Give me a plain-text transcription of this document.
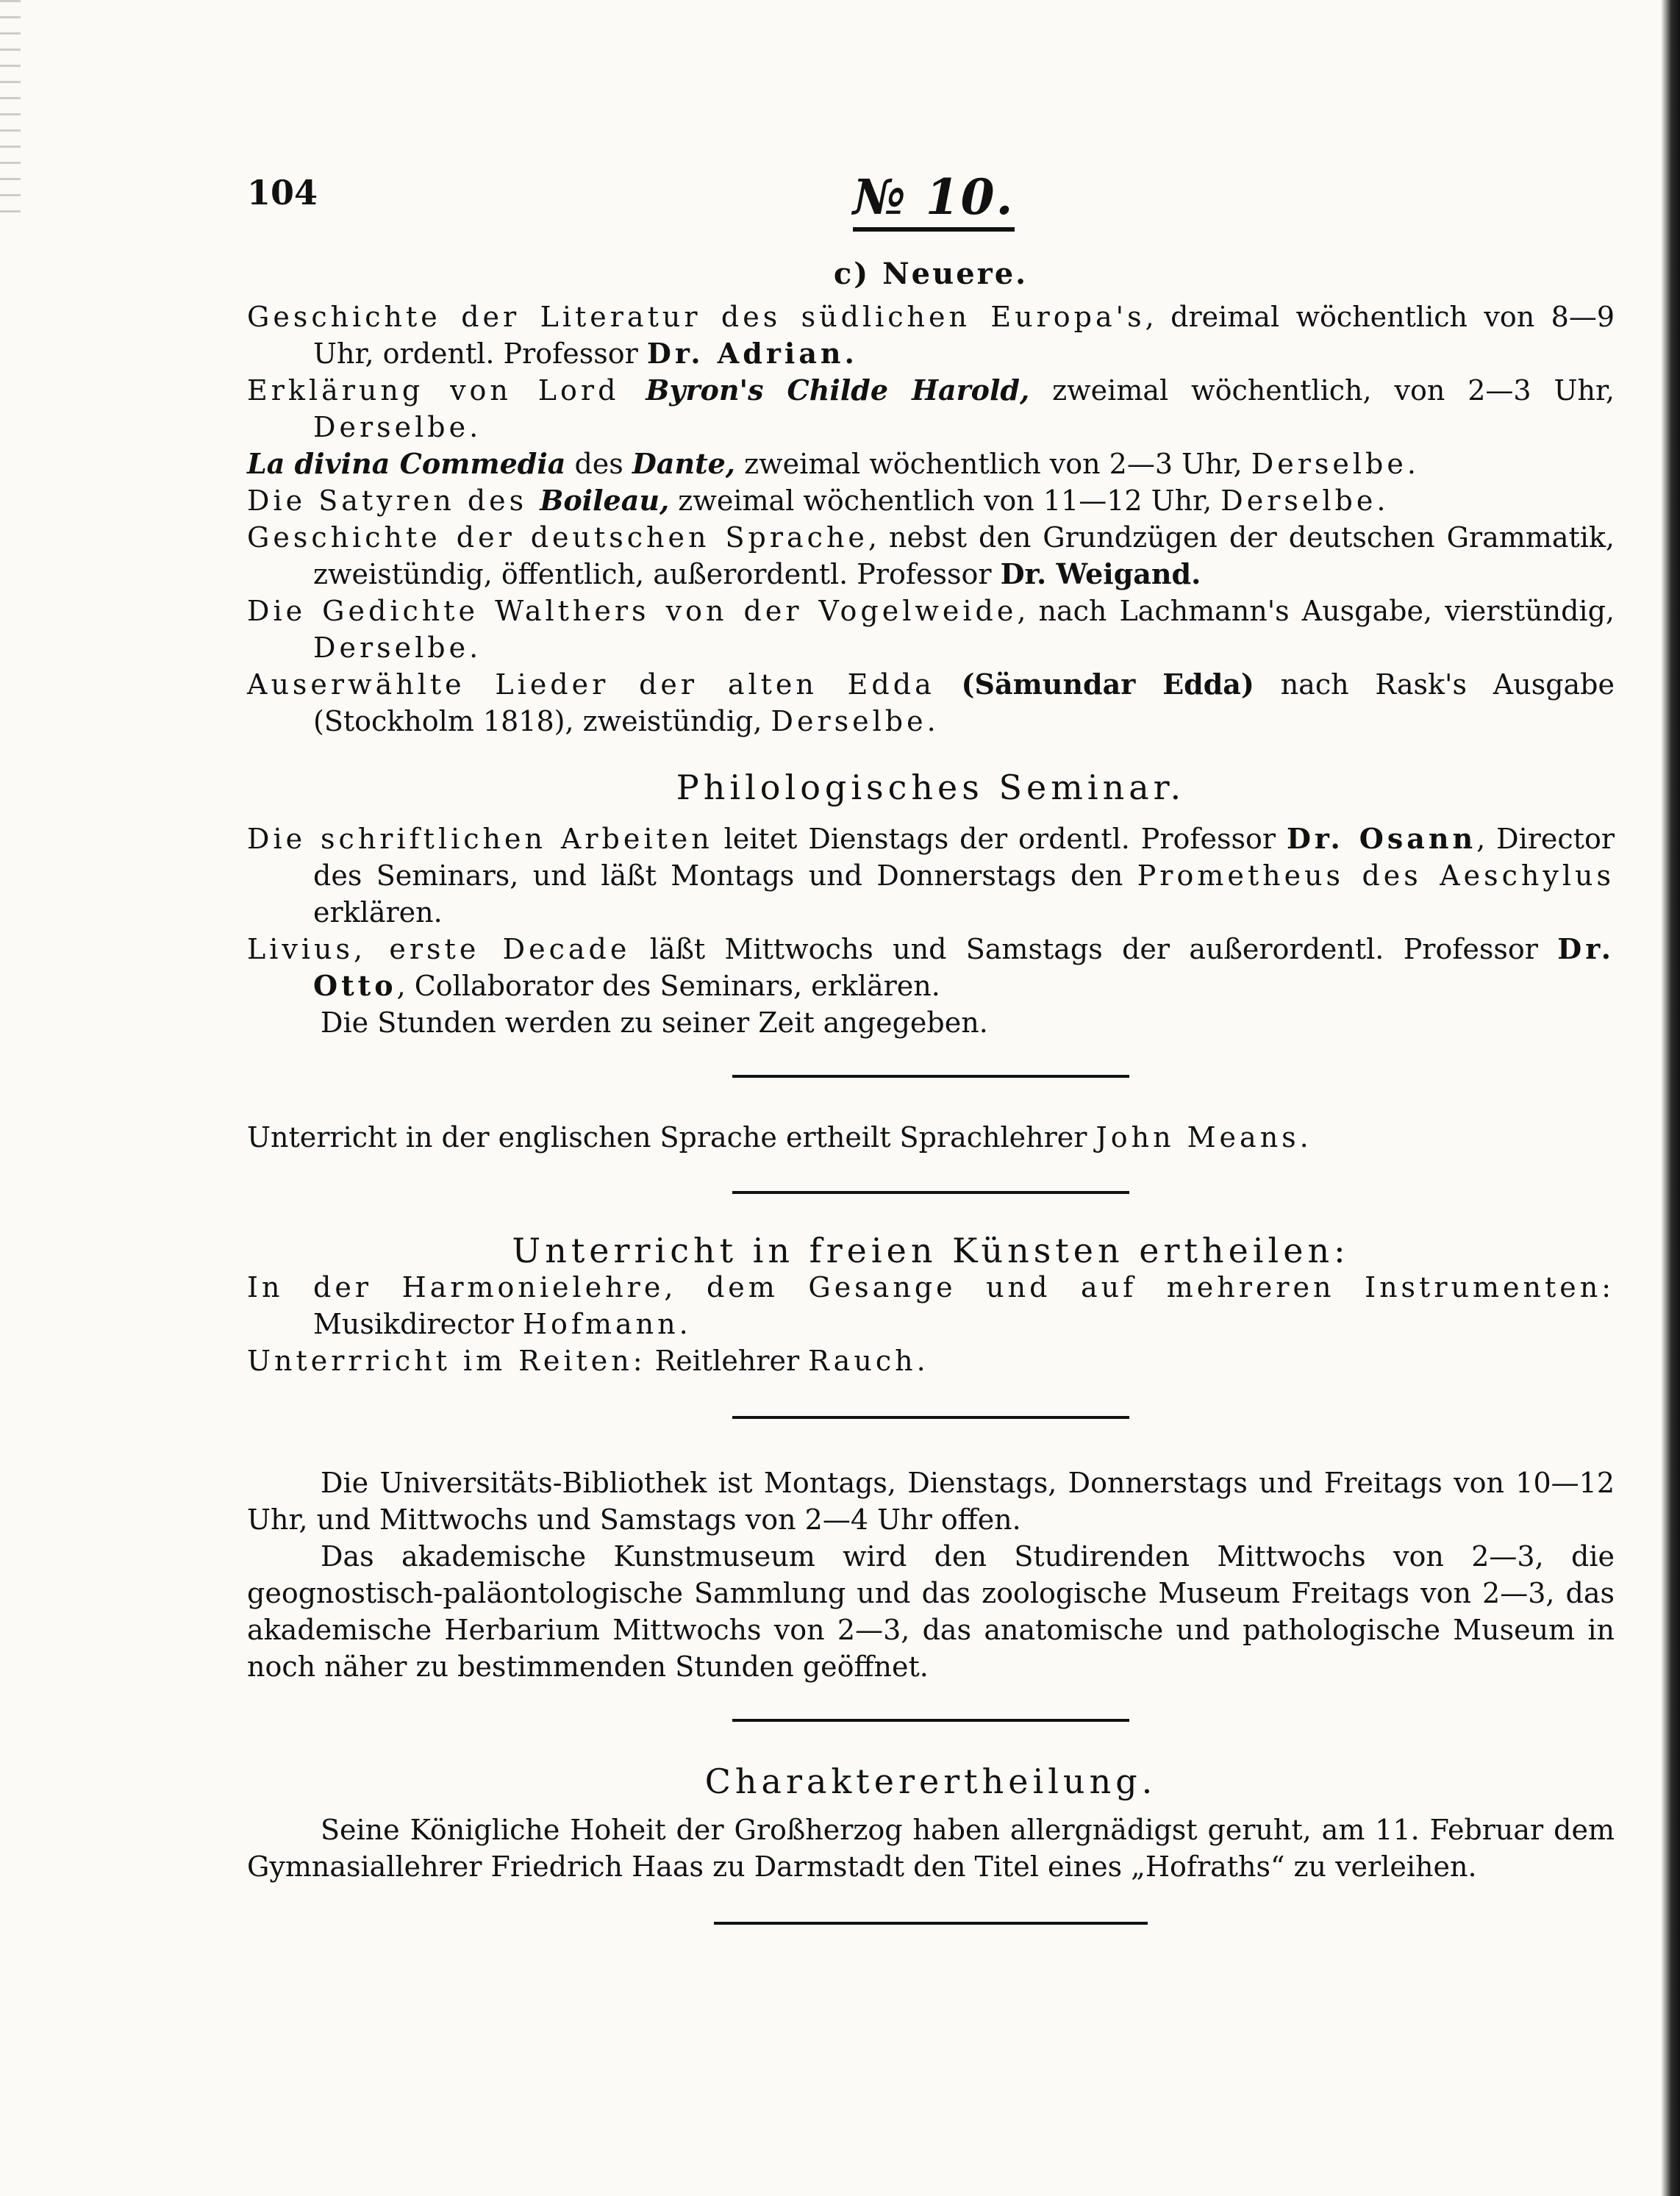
104	№ 10.

c) Neuere.

Geschichte der Literatur des südlichen Europa's, dreimal wöchentlich von 8—9 Uhr, ordentl. Professor Dr. Adrian.

Erklärung von Lord Byron's Childe Harold, zweimal wöchentlich, von 2—3 Uhr, Derselbe.

La divina Commedia des Dante, zweimal wöchentlich von 2—3 Uhr, Derselbe.

Die Satyren des Boileau, zweimal wöchentlich von 11—12 Uhr, Derselbe.

Geschichte der deutschen Sprache, nebst den Grundzügen der deutschen Grammatik, zweistündig, öffentlich, außerordentl. Professor Dr. Weigand.

Die Gedichte Walthers von der Vogelweide, nach Lachmann's Ausgabe, vierstündig, Derselbe.

Auserwählte Lieder der alten Edda (Sämundar Edda) nach Rask's Ausgabe (Stockholm 1818), zweistündig, Derselbe.

Philologisches Seminar.

Die schriftlichen Arbeiten leitet Dienstags der ordentl. Professor Dr. Osann, Director des Seminars, und läßt Montags und Donnerstags den Prometheus des Aeschylus erklären.

Livius, erste Decade läßt Mittwochs und Samstags der außerordentl. Professor Dr. Otto, Collaborator des Seminars, erklären.

Die Stunden werden zu seiner Zeit angegeben.

Unterricht in der englischen Sprache ertheilt Sprachlehrer John Means.

Unterricht in freien Künsten ertheilen:

In der Harmonielehre, dem Gesange und auf mehreren Instrumenten: Musikdirector Hofmann.

Unterrricht im Reiten: Reitlehrer Rauch.

Die Universitäts-Bibliothek ist Montags, Dienstags, Donnerstags und Freitags von 10—12 Uhr, und Mittwochs und Samstags von 2—4 Uhr offen.

Das akademische Kunstmuseum wird den Studirenden Mittwochs von 2—3, die geognostisch-paläontologische Sammlung und das zoologische Museum Freitags von 2—3, das akademische Herbarium Mittwochs von 2—3, das anatomische und pathologische Museum in noch näher zu bestimmenden Stunden geöffnet.

Charakterertheilung.

Seine Königliche Hoheit der Großherzog haben allergnädigst geruht, am 11. Februar dem Gymnasiallehrer Friedrich Haas zu Darmstadt den Titel eines „Hofraths“ zu verleihen.
